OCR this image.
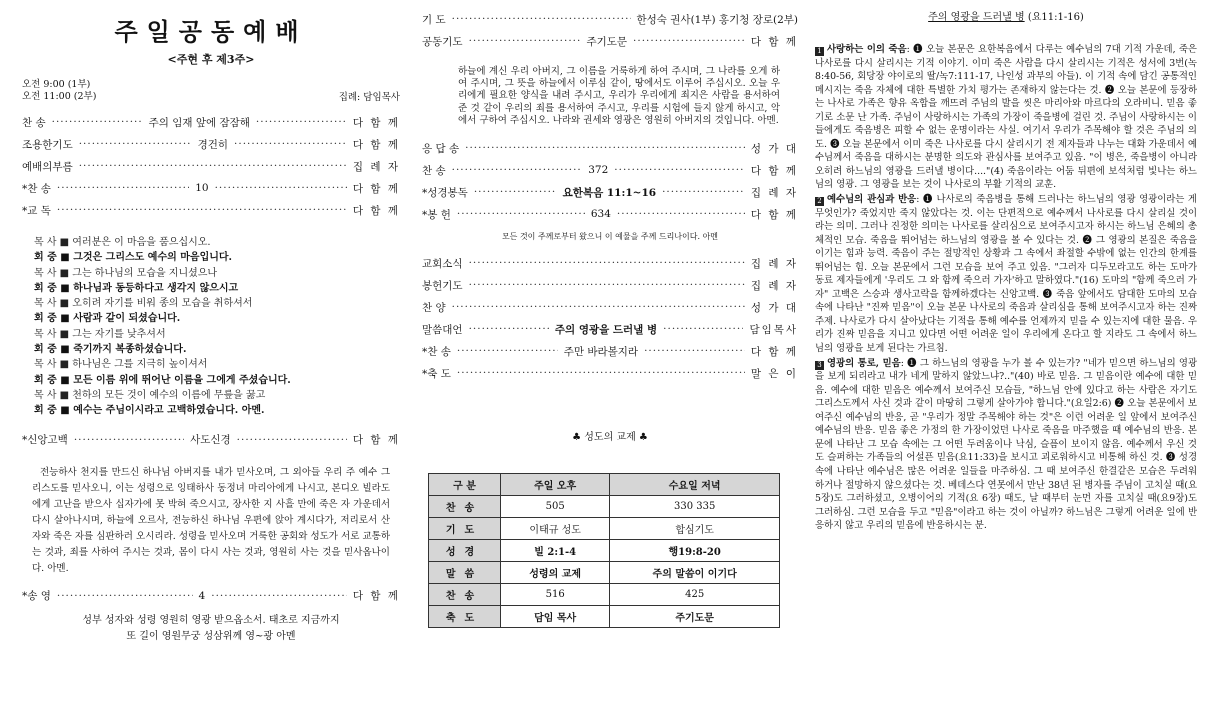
주일공동예배
<주현 후 제3주>
오전 9:00 (1부)
오전 11:00 (2부)	집례: 담임목사
찬 송 ·····	주의 임재 앞에 잠잠해 ·····	다 함 께
조용한기도 ·····	경건히 ·····	다 함 께
예배의부름 ·····	집 례 자
*찬 송 ·····	10 ·····	다 함 께
*교 독 ·····	다 함 께
목 사 ■ 여러분은 이 마음을 품으십시오.
회 중 ■ 그것은 그리스도 예수의 마음입니다.
목 사 ■ 그는 하나님의 모습을 지니셨으나
회 중 ■ 하나님과 동등하다고 생각지 않으시고
목 사 ■ 오히려 자기를 비워 종의 모습을 취하셔서
회 중 ■ 사람과 같이 되셨습니다.
목 사 ■ 그는 자기를 낮추셔서
회 중 ■ 죽기까지 복종하셨습니다.
목 사 ■ 하나님은 그를 지극히 높이셔서
회 중 ■ 모든 이름 위에 뛰어난 이름을 그에게 주셨습니다.
목 사 ■ 천하의 모든 것이 예수의 이름에 무릎을 꿇고
회 중 ■ 예수는 주님이시라고 고백하였습니다. 아멘.
*신앙고백 ·····	사도신경 ·····	다 함 께
전능하사 천지를 만드신 하나님 아버지를 내가 믿사오며, 그 외아들 우리 주 예수 그리스도를 믿사오니, 이는 성령으로 잉태하사 동정녀 마리아에게 나시고, 본디오 빌라도에게 고난을 받으사 십자가에 못 박혀 죽으시고, 장사한 지 사흘 만에 죽은 자 가운데서 다시 살아나시며, 하늘에 오르사, 전능하신 하나님 우편에 앉아 계시다가, 저리로서 산 자와 죽은 자를 심판하러 오시리라. 성령을 믿사오며 거룩한 공회와 성도가 서로 교통하는 것과, 죄를 사하여 주시는 것과, 몸이 다시 사는 것과, 영원히 사는 것을 믿사옵나이다. 아멘.
*송 영 ·····	4 ·····	다 함 께
성부 성자와 성령 영원히 영광 받으옵소서. 태초로 지금까지
또 길이 영원무궁 성삼위께 영~광 아멘
기 도 ·····	한성숙 권사(1부) 홍기청 장로(2부)
공동기도 ·····	주기도문 ·····	다 함 께
하늘에 계신 우리 아버지, 그 이름을 거룩하게 하여 주시며, 그 나라를 오게 하여 주시며, 그 뜻을 하늘에서 이루심 같이, 땅에서도 이루어 주십시오. 오늘 우리에게 필요한 양식을 내려 주시고, 우리가 우리에게 죄지은 사람을 용서하여 준 것 같이 우리의 죄를 용서하여 주시고, 우리를 시험에 들지 않게 하시고, 악에서 구하여 주십시오. 나라와 권세와 영광은 영원히 아버지의 것입니다. 아멘.
응 답 송 ·····	성 가 대
찬 송 ·····	372 ·····	다 함 께
*성경봉독 ·····	요한복음 11:1~16 ·····	집 례 자
*봉 헌 ·····	634 ·····	다 함 께
모든 것이 주께로부터 왔으니 이 예물을 주께 드리나이다. 아멘
교회소식 ·····	집 례 자
봉헌기도 ·····	집 례 자
찬 양 ·····	성 가 대
말씀대언 ·····	주의 영광을 드러낼 병 ·····	담임목사
*찬 송 ·····	주만 바라볼지라 ·····	다 함 께
*축 도 ·····	말 은 이
♣ 성도의 교제 ♣
구 분	주일 오후	수요일 저녁
찬송	505	330 335
기도	이태규 성도	합심기도
성경	빌 2:1-4	행19:8-20
말씀	성령의 교제	주의 말씀이 이기다
찬송	516	425
축도	담임 목사	주기도문
주의 영광을 드러낼 병 (요11:1-16)
1 사랑하는 이의 죽음: ❶ 오늘 본문은 요한복음에서 다루는 예수님의 7대 기적 가운데, 죽은 나사로를 다시 살리시는 기적 이야기. 이미 죽은 사람을 다시 살리시는 기적은 성서에 3번(녹8:40-56, 회당장 야이로의 딸/녹7:111-17, 나인성 과부의 아들). 이 기적 속에 담긴 공통적인 메시지는 죽음 자체에 대한 특별한 가치 평가는 존재하지 않는다는 것. ❷ 오늘 본문에 등장하는 나사로 가족은 향유 옥합을 깨뜨려 주님의 발을 씻은 마리아와 마르다의 오라비니. 믿음 좋기로 소문 난 가족. 주님이 사랑하시는 가족의 가장이 죽을병에 걸린 것. 주님이 사랑하시는 이들에게도 죽음병은 피할 수 없는 운명이라는 사실. 여기서 우리가 주목해야 할 것은 주님의 의도. ❸ 오늘 본문에서 이미 죽은 나사로를 다시 살리시기 전 제자들과 나누는 대화 가운데서 예수님께서 죽음을 대하시는 분명한 의도와 관심사를 보여주고 있음. "이 병은, 죽을병이 아니라 오히려 하느님의 영광을 드러낼 병이다...."(4) 죽음이라는 어둠 뒤편에 보석처럼 빛나는 하느님의 영광. 그 영광을 보는 것이 나사로의 부활 기적의 교훈.
2 예수님의 관심과 반응: ❶ 나사로의 죽음병을 통해 드러나는 하느님의 영광 영광이라는 게 무엇인가? 죽었지만 죽지 않았다는 것. 이는 단편적으로 예수께서 나사로를 다시 살리실 것이라는 의미. 그러나 진정한 의미는 나사로를 살리심으로 보여주시고자 하시는 하느님 은혜의 총체적인 모습. 죽음을 뛰어넘는 하느님의 영광을 볼 수 있다는 것. ❷ 그 영광의 본질은 죽음을 이기는 힘과 능력. 죽음이 주는 절망적인 상황과 그 속에서 좌절할 수밖에 없는 인간의 한계를 뛰어넘는 힘. 오늘 본문에서 그런 모습을 보여 주고 있음. "그러자 디두모라고도 하는 도마가 동료 제자들에게 '우리도 그 와 함께 죽으러 가자'하고 말하였다."(16) 도마의 "함께 죽으러 가자" 고백은 스승과 생사고락을 함께하겠다는 신앙고백. ❸ 죽음 앞에서도 담대한 도마의 모습 속에 나타난 "진짜 믿음"이 오늘 본문 나사로의 죽음과 살리심을 통해 보여주시고자 하는 진짜 주제. 나사로가 다시 살아났다는 기적을 통해 예수를 언제까지 믿을 수 있는지에 대한 물음. 우리가 진짜 믿음을 지니고 있다면 어떤 어려운 일이 우리에게 온다고 할 지라도 그 속에서 하느님의 영광을 보게 된다는 가르침.
3 영광의 통로, 믿음: ❶ 그 하느님의 영광을 누가 볼 수 있는가? "네가 믿으면 하느님의 영광을 보게 되리라고 내가 네게 말하지 않았느냐?.."(40) 바로 믿음. 그 믿음이란 예수에 대한 믿음. 예수에 대한 믿음은 예수께서 보여주신 모습들, "하느님 안에 있다고 하는 사람은 자기도 그리스도께서 사신 것과 같이 마땅히 그렇게 살아가야 합니다."(요일2:6) ❷ 오늘 본문에서 보여주신 예수님의 반응, 곧 "우리가 정말 주목해야 하는 것"은 이런 어려운 일 앞에서 보여주신 예수님의 반응. 믿음 좋은 가정의 한 가장이었던 나사로 죽음을 마주했을 때 예수님의 반응. 본문에 나타난 그 모습 속에는 그 어떤 두려움이나 낙심, 슬픔이 보이지 않음. 예수께서 우신 것도 슬퍼하는 가족들의 어설픈 믿음(요11:33)을 보시고 괴로워하시고 비통해 하신 것. ❸ 성경 속에 나타난 예수님은 많은 어려운 일들을 마주하심. 그 때 보여주신 한결같은 모습은 두려워하거나 절망하지 않으셨다는 것. 베데스다 연못에서 만난 38년 된 병자를 주님이 고치실 때(요5장)도 그러하셨고, 오병이어의 기적(요 6장) 때도, 날 때부터 눈먼 자를 고치실 때(요9장)도 그러하심. 그런 모습을 두고 "믿음"이라고 하는 것이 아닐까? 하느님은 그렇게 어려운 일에 반응하지 않고 우리의 믿음에 반응하시는 분.
